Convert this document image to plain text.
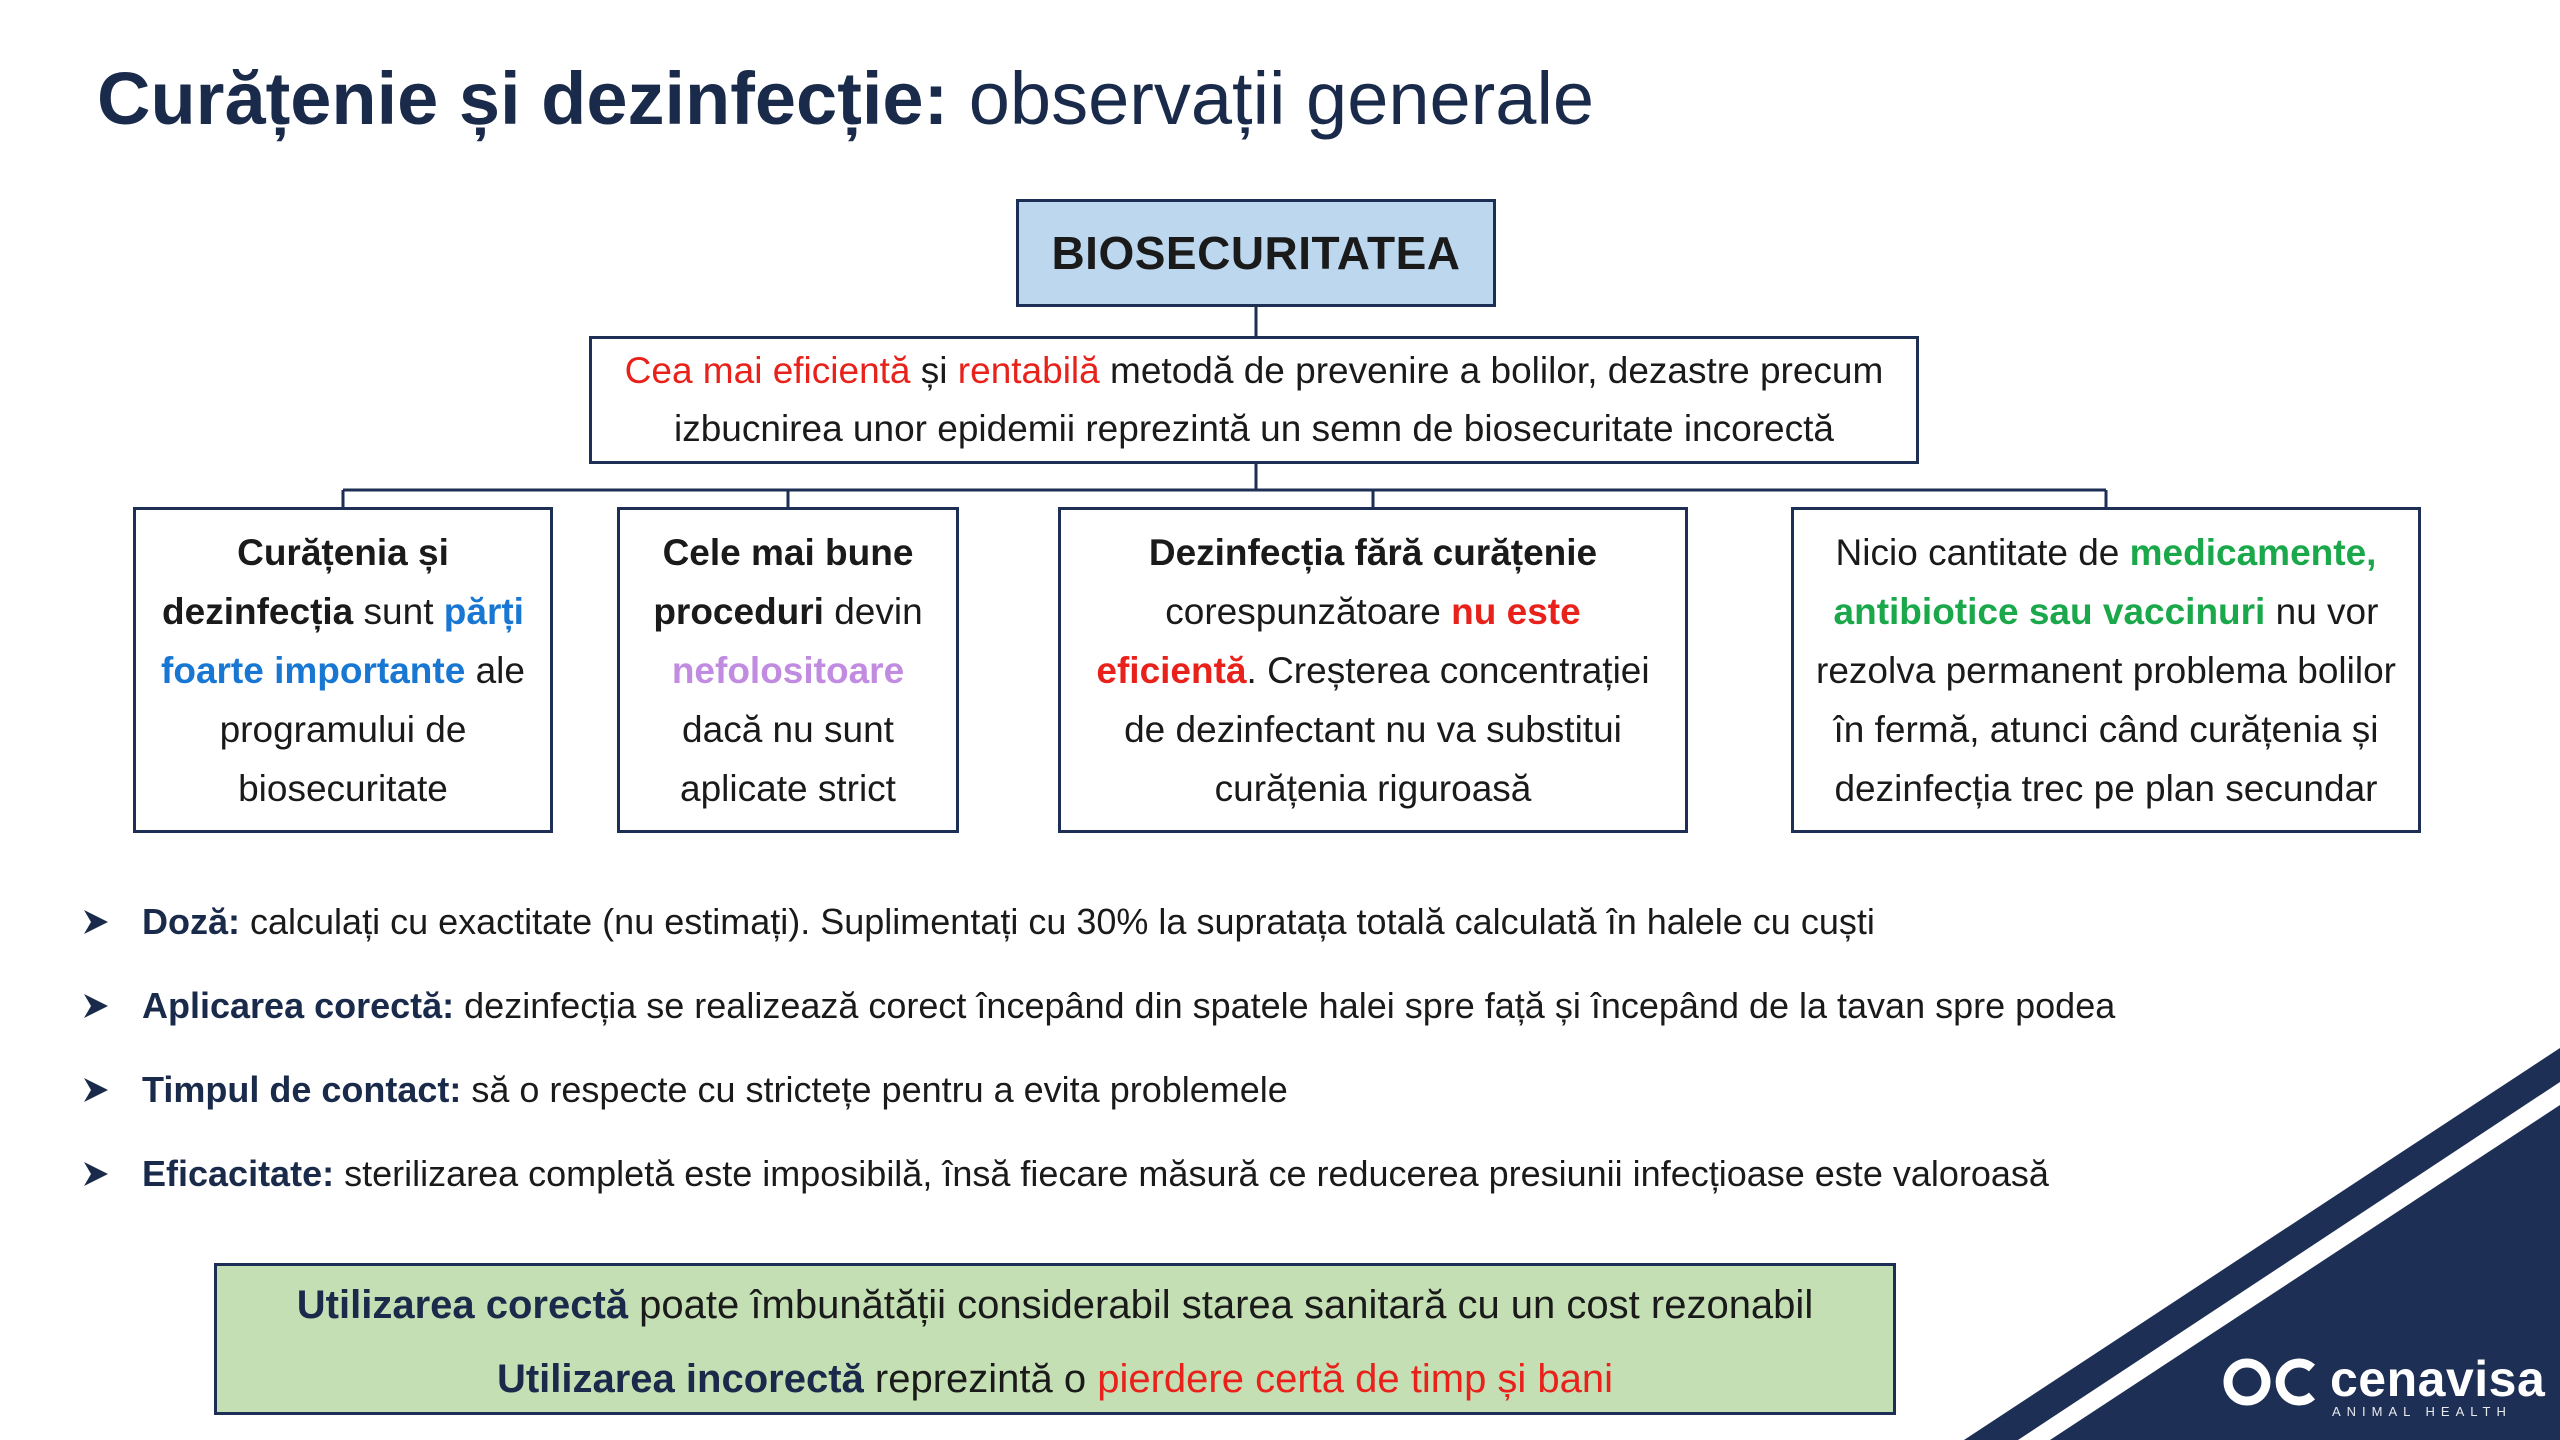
Curățenie și dezinfecție: observații generale
BIOSECURITATEA
Cea mai eficientă și rentabilă metodă de prevenire a bolilor, dezastre precum
izbucnirea unor epidemii reprezintă un semn de biosecuritate incorectă
Curățenia și dezinfecția sunt părți foarte importante ale programului de biosecuritate
Cele mai bune proceduri devin nefolositoare dacă nu sunt aplicate strict
Dezinfecția fără curățenie corespunzătoare nu este eficientă. Creșterea concentrației de dezinfectant nu va substitui curățenia riguroasă
Nicio cantitate de medicamente, antibiotice sau vaccinuri nu vor rezolva permanent problema bolilor în fermă, atunci când curățenia și dezinfecția trec pe plan secundar
Doză: calculați cu exactitate (nu estimați). Suplimentați cu 30% la supratața totală calculată în halele cu cuști
Aplicarea corectă: dezinfecția se realizează corect începând din spatele halei spre față și începând de la tavan spre podea
Timpul de contact: să o respecte cu strictețe pentru a evita problemele
Eficacitate: sterilizarea completă este imposibilă, însă fiecare măsură ce reducerea presiunii infecțioase este valoroasă
Utilizarea corectă poate îmbunătății considerabil starea sanitară cu un cost rezonabil
Utilizarea incorectă reprezintă o pierdere certă de timp și bani	cenavisa
ANIMAL HEALTH
